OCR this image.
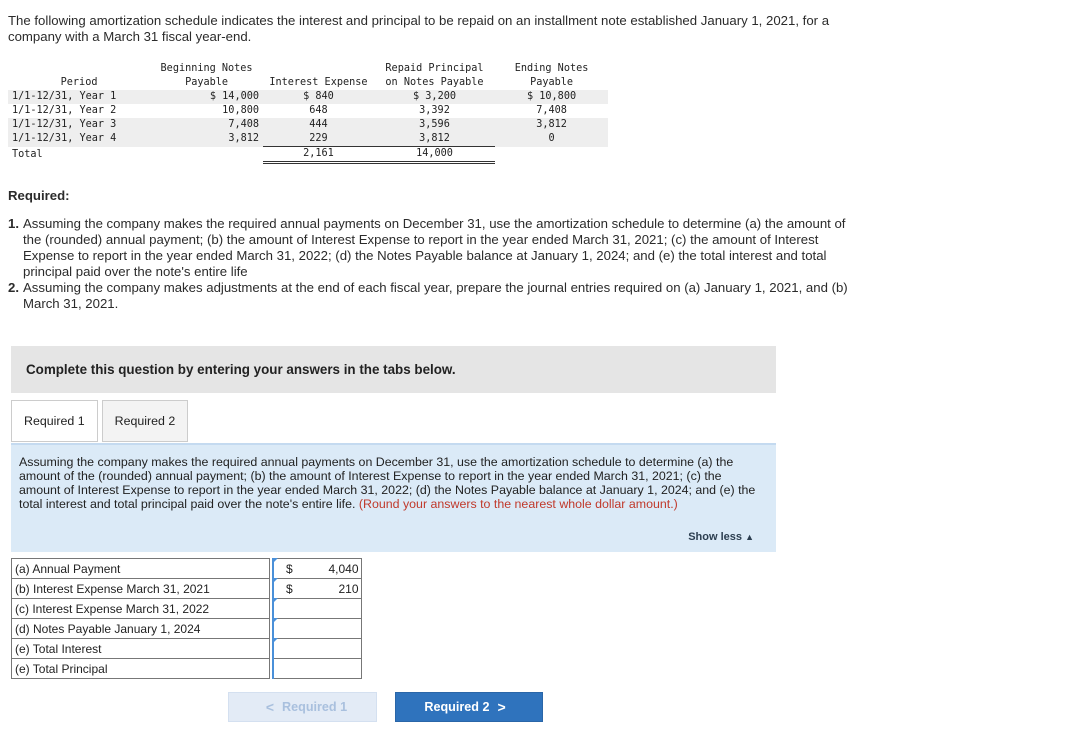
The following amortization schedule indicates the interest and principal to be repaid on an installment note established January 1, 2021, for a company with a March 31 fiscal year-end.
Period	Beginning Notes
Payable	Interest Expense	Repaid Principal
on Notes Payable	Ending Notes
Payable
1/1-12/31, Year 1	$ 14,000	$ 840	$ 3,200	$ 10,800
1/1-12/31, Year 2	10,800	648	3,392	7,408
1/1-12/31, Year 3	7,408	444	3,596	3,812
1/1-12/31, Year 4	3,812	229	3,812	0
Total		2,161	14,000	
Required:
1. Assuming the company makes the required annual payments on December 31, use the amortization schedule to determine (a) the amount of the (rounded) annual payment; (b) the amount of Interest Expense to report in the year ended March 31, 2021; (c) the amount of Interest Expense to report in the year ended March 31, 2022; (d) the Notes Payable balance at January 1, 2024; and (e) the total interest and total principal paid over the note's entire life
2. Assuming the company makes adjustments at the end of each fiscal year, prepare the journal entries required on (a) January 1, 2021, and (b) March 31, 2021.
Complete this question by entering your answers in the tabs below.
Required 1	Required 2
Assuming the company makes the required annual payments on December 31, use the amortization schedule to determine (a) the amount of the (rounded) annual payment; (b) the amount of Interest Expense to report in the year ended March 31, 2021; (c) the amount of Interest Expense to report in the year ended March 31, 2022; (d) the Notes Payable balance at January 1, 2024; and (e) the total interest and total principal paid over the note's entire life. (Round your answers to the nearest whole dollar amount.)
Show less ▲
(a) Annual Payment		$ 4,040

(b) Interest Expense March 31, 2021		$ 210

(c) Interest Expense March 31, 2022		

(d) Notes Payable January 1, 2024		

(e) Total Interest		

(e) Total Principal		
< Required 1	Required 2 >
